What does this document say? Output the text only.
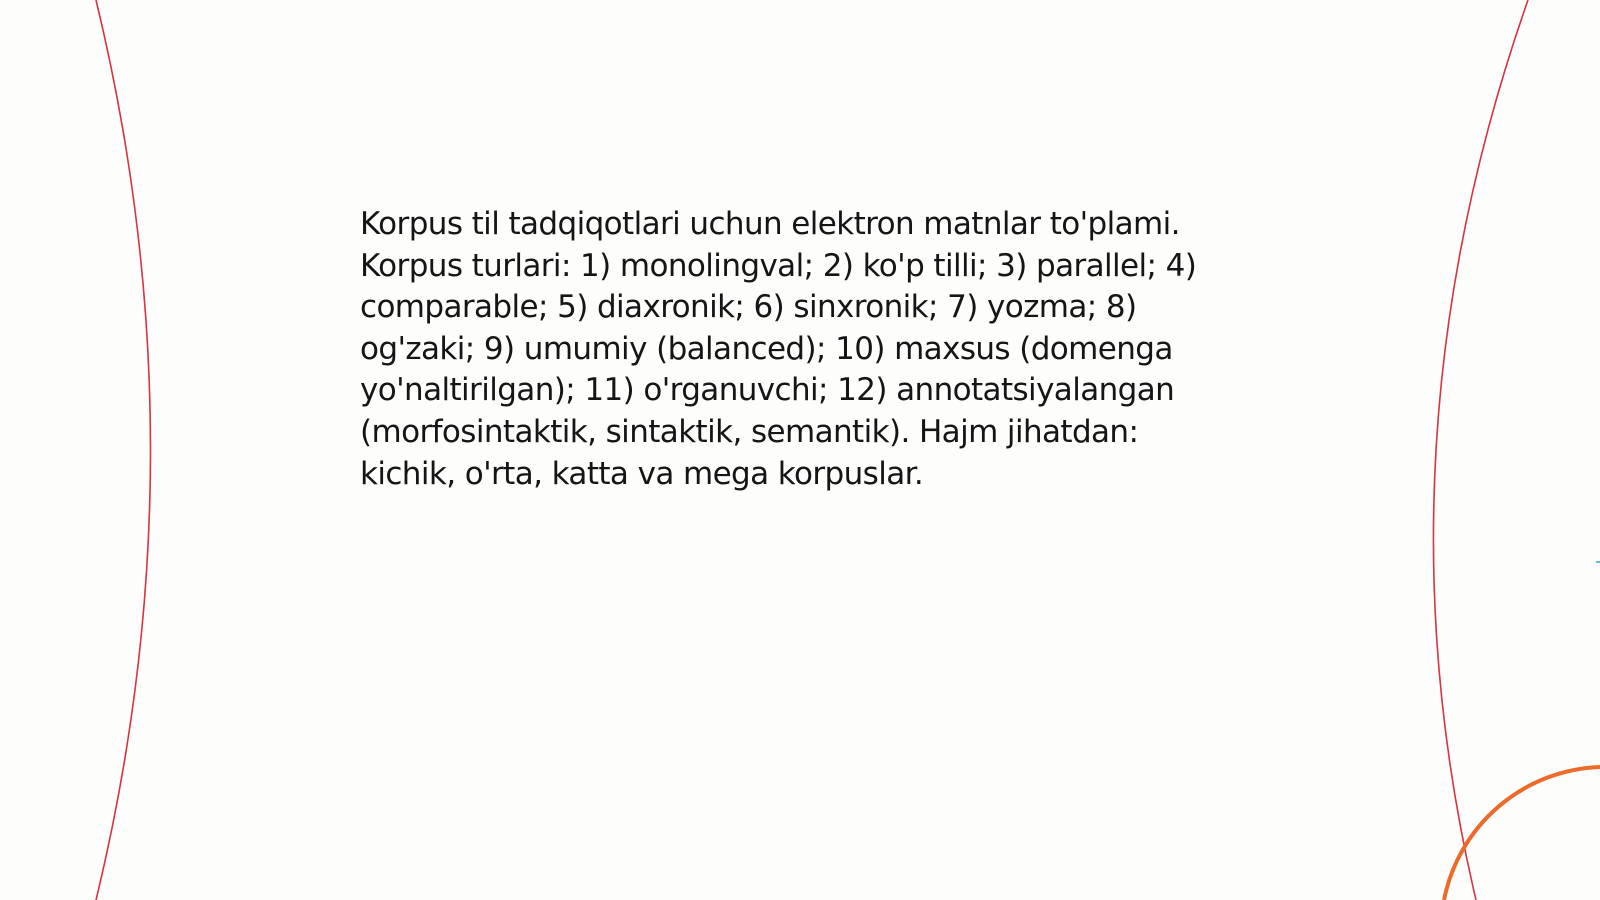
Korpus til tadqiqotlari uchun elektron matnlar to'plami. Korpus turlari: 1) monolingval; 2) ko'p tilli; 3) parallel; 4) comparable; 5) diaxronik; 6) sinxronik; 7) yozma; 8) og'zaki; 9) umumiy (balanced); 10) maxsus (domenga yo'naltirilgan); 11) o'rganuvchi; 12) annotatsiyalangan (morfosintaktik, sintaktik, semantik). Hajm jihatdan: kichik, o'rta, katta va mega korpuslar.
